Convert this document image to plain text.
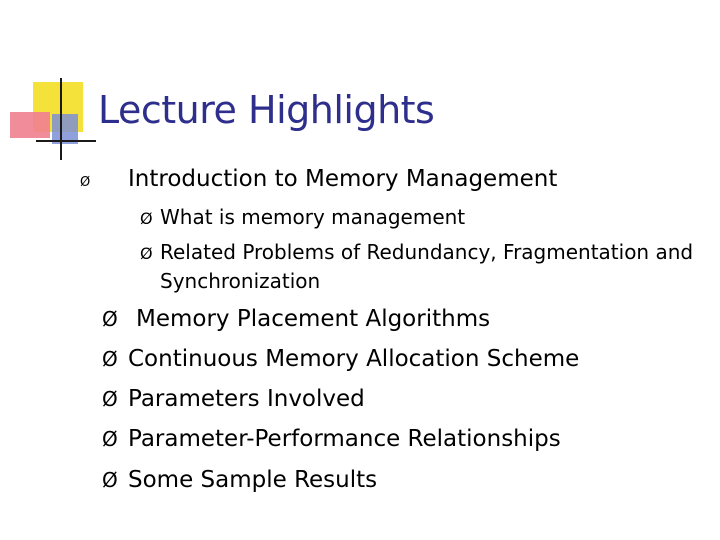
Lecture Highlights
Ø	Introduction to Memory Management
Ø What is memory management
Ø Related Problems of Redundancy, Fragmentation and Synchronization
Ø Memory Placement Algorithms
Ø Continuous Memory Allocation Scheme
Ø Parameters Involved
Ø Parameter-Performance Relationships
Ø Some Sample Results
